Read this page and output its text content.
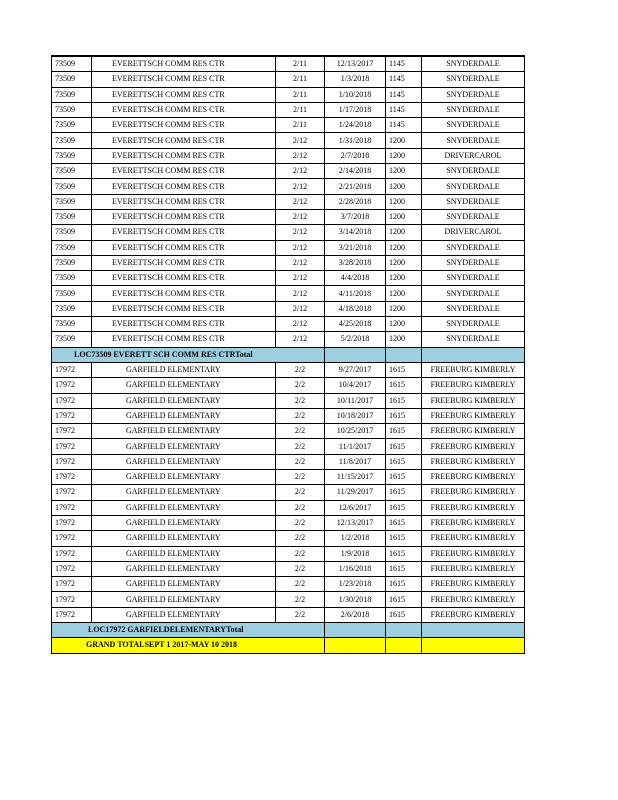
73509	EVERETTSCH COMM RES CTR	2/11	12/13/2017	1145	SNYDERDALE
73509	EVERETTSCH COMM RES CTR	2/11	1/3/2018	1145	SNYDERDALE
73509	EVERETTSCH COMM RES CTR	2/11	1/10/2018	1145	SNYDERDALE
73509	EVERETTSCH COMM RES CTR	2/11	1/17/2018	1145	SNYDERDALE
73509	EVERETTSCH COMM RES CTR	2/11	1/24/2018	1145	SNYDERDALE
73509	EVERETTSCH COMM RES CTR	2/12	1/31/2018	1200	SNYDERDALE
73509	EVERETTSCH COMM RES CTR	2/12	2/7/2018	1200	DRIVERCAROL
73509	EVERETTSCH COMM RES CTR	2/12	2/14/2018	1200	SNYDERDALE
73509	EVERETTSCH COMM RES CTR	2/12	2/21/2018	1200	SNYDERDALE
73509	EVERETTSCH COMM RES CTR	2/12	2/28/2018	1200	SNYDERDALE
73509	EVERETTSCH COMM RES CTR	2/12	3/7/2018	1200	SNYDERDALE
73509	EVERETTSCH COMM RES CTR	2/12	3/14/2018	1200	DRIVERCAROL
73509	EVERETTSCH COMM RES CTR	2/12	3/21/2018	1200	SNYDERDALE
73509	EVERETTSCH COMM RES CTR	2/12	3/28/2018	1200	SNYDERDALE
73509	EVERETTSCH COMM RES CTR	2/12	4/4/2018	1200	SNYDERDALE
73509	EVERETTSCH COMM RES CTR	2/12	4/11/2018	1200	SNYDERDALE
73509	EVERETTSCH COMM RES CTR	2/12	4/18/2018	1200	SNYDERDALE
73509	EVERETTSCH COMM RES CTR	2/12	4/25/2018	1200	SNYDERDALE
73509	EVERETTSCH COMM RES CTR	2/12	5/2/2018	1200	SNYDERDALE
LOC73509 EVERETT SCH COMM RES CTRTotal					
17972	GARFIELD ELEMENTARY	2/2	9/27/2017	1615	FREEBURG KIMBERLY
17972	GARFIELD ELEMENTARY	2/2	10/4/2017	1615	FREEBURG KIMBERLY
17972	GARFIELD ELEMENTARY	2/2	10/11/2017	1615	FREEBURG KIMBERLY
17972	GARFIELD ELEMENTARY	2/2	10/18/2017	1615	FREEBURG KIMBERLY
17972	GARFIELD ELEMENTARY	2/2	10/25/2017	1615	FREEBURG KIMBERLY
17972	GARFIELD ELEMENTARY	2/2	11/1/2017	1615	FREEBURG KIMBERLY
17972	GARFIELD ELEMENTARY	2/2	11/8/2017	1615	FREEBURG KIMBERLY
17972	GARFIELD ELEMENTARY	2/2	11/15/2017	1615	FREEBURG KIMBERLY
17972	GARFIELD ELEMENTARY	2/2	11/29/2017	1615	FREEBURG KIMBERLY
17972	GARFIELD ELEMENTARY	2/2	12/6/2017	1615	FREEBURG KIMBERLY
17972	GARFIELD ELEMENTARY	2/2	12/13/2017	1615	FREEBURG KIMBERLY
17972	GARFIELD ELEMENTARY	2/2	1/2/2018	1615	FREEBURG KIMBERLY
17972	GARFIELD ELEMENTARY	2/2	1/9/2018	1615	FREEBURG KIMBERLY
17972	GARFIELD ELEMENTARY	2/2	1/16/2018	1615	FREEBURG KIMBERLY
17972	GARFIELD ELEMENTARY	2/2	1/23/2018	1615	FREEBURG KIMBERLY
17972	GARFIELD ELEMENTARY	2/2	1/30/2018	1615	FREEBURG KIMBERLY
17972	GARFIELD ELEMENTARY	2/2	2/6/2018	1615	FREEBURG KIMBERLY
LOC17972 GARFIELDELEMENTARYTotal					
GRAND TOTALSEPT 1 2017-MAY 10 2018					
